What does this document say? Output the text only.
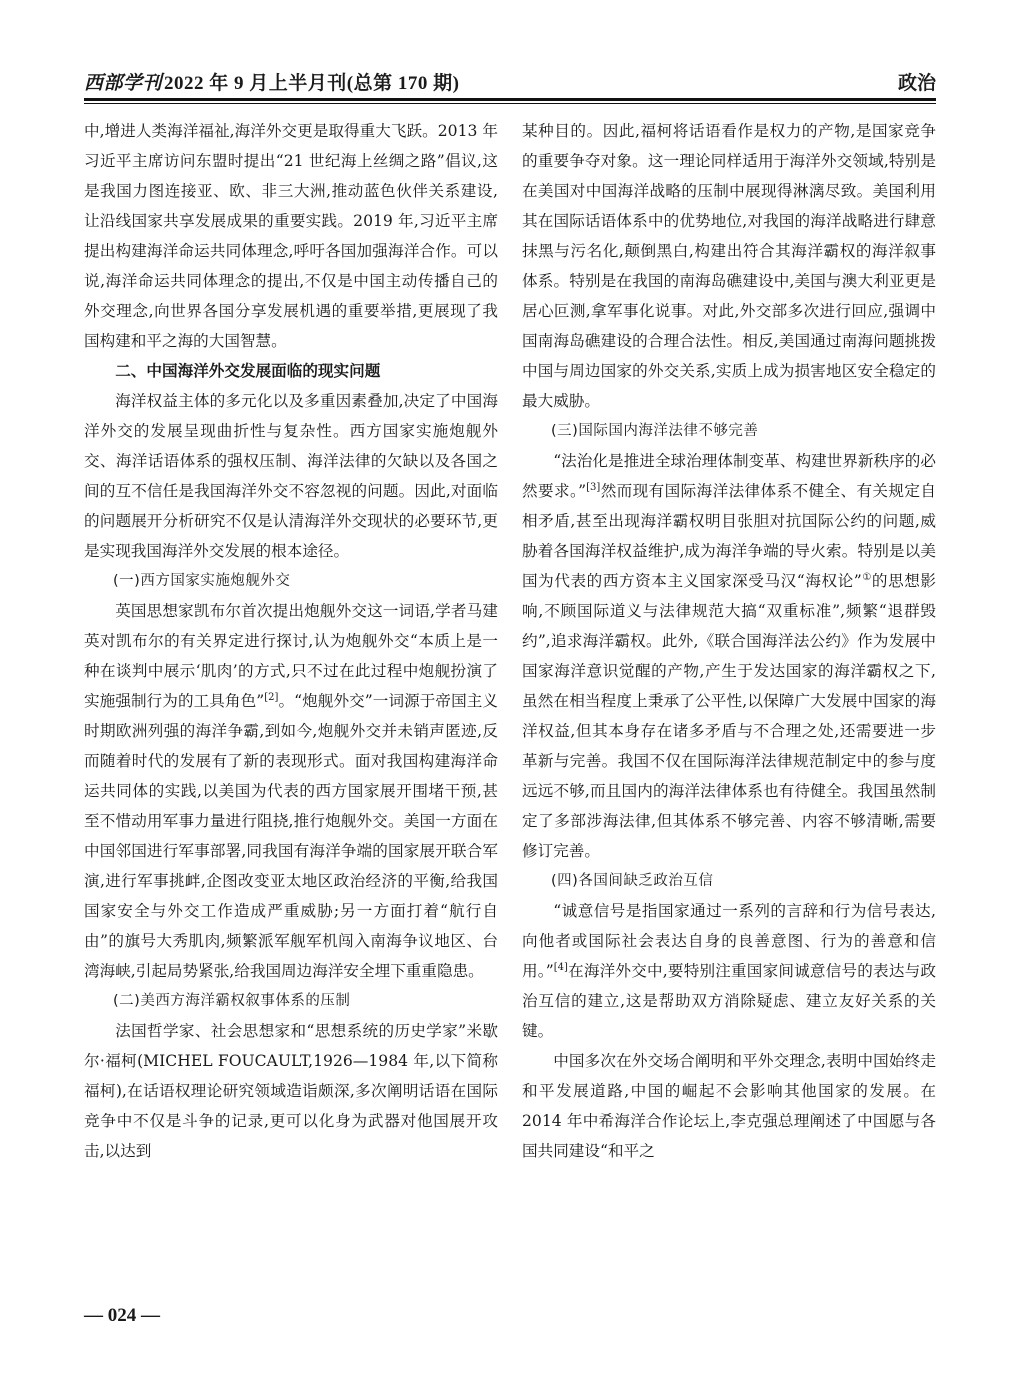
西部学刊 2022 年 9 月上半月刊(总第 170 期)	政治

中,增进人类海洋福祉,海洋外交更是取得重大飞跃。2013 年习近平主席访问东盟时提出“21 世纪海上丝绸之路”倡议,这是我国力图连接亚、欧、非三大洲,推动蓝色伙伴关系建设,让沿线国家共享发展成果的重要实践。2019 年,习近平主席提出构建海洋命运共同体理念,呼吁各国加强海洋合作。可以说,海洋命运共同体理念的提出,不仅是中国主动传播自己的外交理念,向世界各国分享发展机遇的重要举措,更展现了我国构建和平之海的大国智慧。

二、中国海洋外交发展面临的现实问题

海洋权益主体的多元化以及多重因素叠加,决定了中国海洋外交的发展呈现曲折性与复杂性。西方国家实施炮舰外交、海洋话语体系的强权压制、海洋法律的欠缺以及各国之间的互不信任是我国海洋外交不容忽视的问题。因此,对面临的问题展开分析研究不仅是认清海洋外交现状的必要环节,更是实现我国海洋外交发展的根本途径。

(一)西方国家实施炮舰外交

英国思想家凯布尔首次提出炮舰外交这一词语,学者马建英对凯布尔的有关界定进行探讨,认为炮舰外交“本质上是一种在谈判中展示‘肌肉’的方式,只不过在此过程中炮舰扮演了实施强制行为的工具角色”[2]。“炮舰外交”一词源于帝国主义时期欧洲列强的海洋争霸,到如今,炮舰外交并未销声匿迹,反而随着时代的发展有了新的表现形式。面对我国构建海洋命运共同体的实践,以美国为代表的西方国家展开围堵干预,甚至不惜动用军事力量进行阻挠,推行炮舰外交。美国一方面在中国邻国进行军事部署,同我国有海洋争端的国家展开联合军演,进行军事挑衅,企图改变亚太地区政治经济的平衡,给我国国家安全与外交工作造成严重威胁;另一方面打着“航行自由”的旗号大秀肌肉,频繁派军舰军机闯入南海争议地区、台湾海峡,引起局势紧张,给我国周边海洋安全埋下重重隐患。

(二)美西方海洋霸权叙事体系的压制

法国哲学家、社会思想家和“思想系统的历史学家”米歇尔·福柯(MICHEL FOUCAULT,1926—1984 年,以下简称福柯),在话语权理论研究领域造诣颇深,多次阐明话语在国际竞争中不仅是斗争的记录,更可以化身为武器对他国展开攻击,以达到

某种目的。因此,福柯将话语看作是权力的产物,是国家竞争的重要争夺对象。这一理论同样适用于海洋外交领域,特别是在美国对中国海洋战略的压制中展现得淋漓尽致。美国利用其在国际话语体系中的优势地位,对我国的海洋战略进行肆意抹黑与污名化,颠倒黑白,构建出符合其海洋霸权的海洋叙事体系。特别是在我国的南海岛礁建设中,美国与澳大利亚更是居心叵测,拿军事化说事。对此,外交部多次进行回应,强调中国南海岛礁建设的合理合法性。相反,美国通过南海问题挑拨中国与周边国家的外交关系,实质上成为损害地区安全稳定的最大威胁。

(三)国际国内海洋法律不够完善

“法治化是推进全球治理体制变革、构建世界新秩序的必然要求。”[3]然而现有国际海洋法律体系不健全、有关规定自相矛盾,甚至出现海洋霸权明目张胆对抗国际公约的问题,威胁着各国海洋权益维护,成为海洋争端的导火索。特别是以美国为代表的西方资本主义国家深受马汉“海权论”①的思想影响,不顾国际道义与法律规范大搞“双重标准”,频繁“退群毁约”,追求海洋霸权。此外,《联合国海洋法公约》作为发展中国家海洋意识觉醒的产物,产生于发达国家的海洋霸权之下,虽然在相当程度上秉承了公平性,以保障广大发展中国家的海洋权益,但其本身存在诸多矛盾与不合理之处,还需要进一步革新与完善。我国不仅在国际海洋法律规范制定中的参与度远远不够,而且国内的海洋法律体系也有待健全。我国虽然制定了多部涉海法律,但其体系不够完善、内容不够清晰,需要修订完善。

(四)各国间缺乏政治互信

“诚意信号是指国家通过一系列的言辞和行为信号表达,向他者或国际社会表达自身的良善意图、行为的善意和信用。”[4]在海洋外交中,要特别注重国家间诚意信号的表达与政治互信的建立,这是帮助双方消除疑虑、建立友好关系的关键。

中国多次在外交场合阐明和平外交理念,表明中国始终走和平发展道路,中国的崛起不会影响其他国家的发展。在 2014 年中希海洋合作论坛上,李克强总理阐述了中国愿与各国共同建设“和平之

— 024 —
